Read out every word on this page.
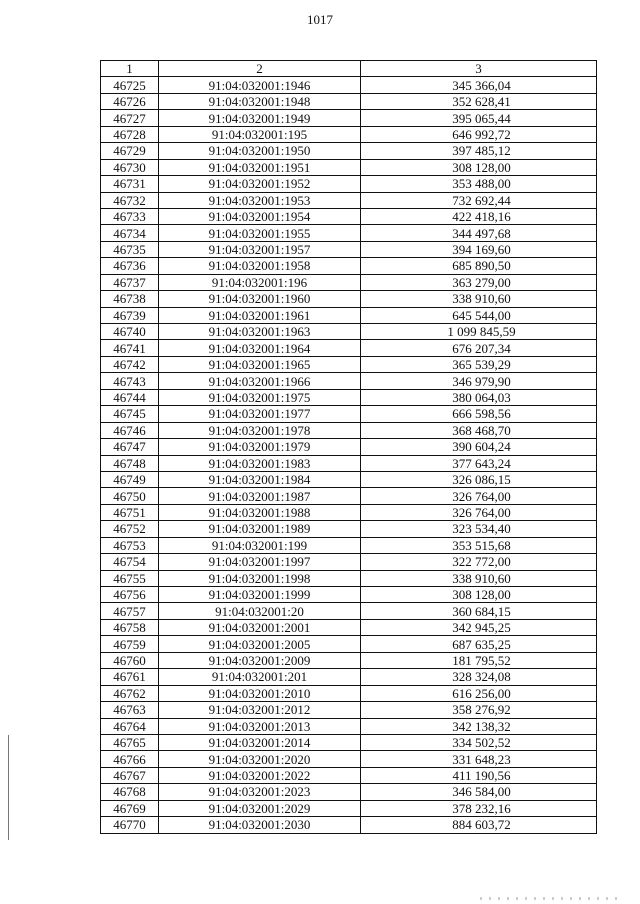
1017
1	2	3
46725	91:04:032001:1946	345 366,04
46726	91:04:032001:1948	352 628,41
46727	91:04:032001:1949	395 065,44
46728	91:04:032001:195	646 992,72
46729	91:04:032001:1950	397 485,12
46730	91:04:032001:1951	308 128,00
46731	91:04:032001:1952	353 488,00
46732	91:04:032001:1953	732 692,44
46733	91:04:032001:1954	422 418,16
46734	91:04:032001:1955	344 497,68
46735	91:04:032001:1957	394 169,60
46736	91:04:032001:1958	685 890,50
46737	91:04:032001:196	363 279,00
46738	91:04:032001:1960	338 910,60
46739	91:04:032001:1961	645 544,00
46740	91:04:032001:1963	1 099 845,59
46741	91:04:032001:1964	676 207,34
46742	91:04:032001:1965	365 539,29
46743	91:04:032001:1966	346 979,90
46744	91:04:032001:1975	380 064,03
46745	91:04:032001:1977	666 598,56
46746	91:04:032001:1978	368 468,70
46747	91:04:032001:1979	390 604,24
46748	91:04:032001:1983	377 643,24
46749	91:04:032001:1984	326 086,15
46750	91:04:032001:1987	326 764,00
46751	91:04:032001:1988	326 764,00
46752	91:04:032001:1989	323 534,40
46753	91:04:032001:199	353 515,68
46754	91:04:032001:1997	322 772,00
46755	91:04:032001:1998	338 910,60
46756	91:04:032001:1999	308 128,00
46757	91:04:032001:20	360 684,15
46758	91:04:032001:2001	342 945,25
46759	91:04:032001:2005	687 635,25
46760	91:04:032001:2009	181 795,52
46761	91:04:032001:201	328 324,08
46762	91:04:032001:2010	616 256,00
46763	91:04:032001:2012	358 276,92
46764	91:04:032001:2013	342 138,32
46765	91:04:032001:2014	334 502,52
46766	91:04:032001:2020	331 648,23
46767	91:04:032001:2022	411 190,56
46768	91:04:032001:2023	346 584,00
46769	91:04:032001:2029	378 232,16
46770	91:04:032001:2030	884 603,72
